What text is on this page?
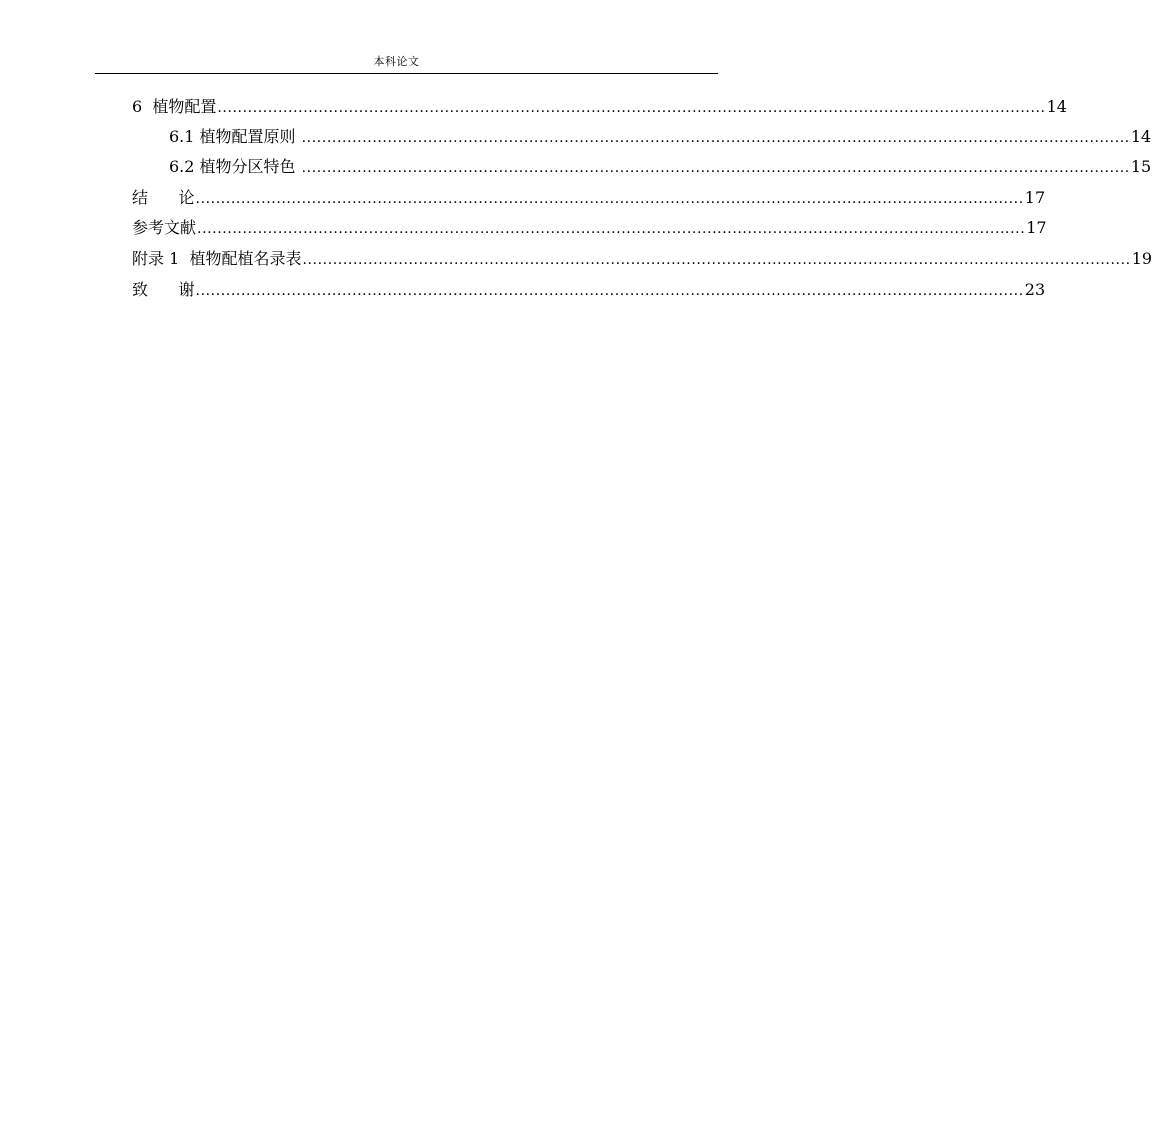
本科论文
6  植物配置 .................................................................................................................................................................... 14
6.1 植物配置原则 .................................................................................................................................................................... 14
6.2 植物分区特色 .................................................................................................................................................................... 15
结      论 .................................................................................................................................................................... 17
参考文献 .................................................................................................................................................................... 17
附录 1  植物配植名录表 .................................................................................................................................................................... 19
致      谢 .................................................................................................................................................................... 23
